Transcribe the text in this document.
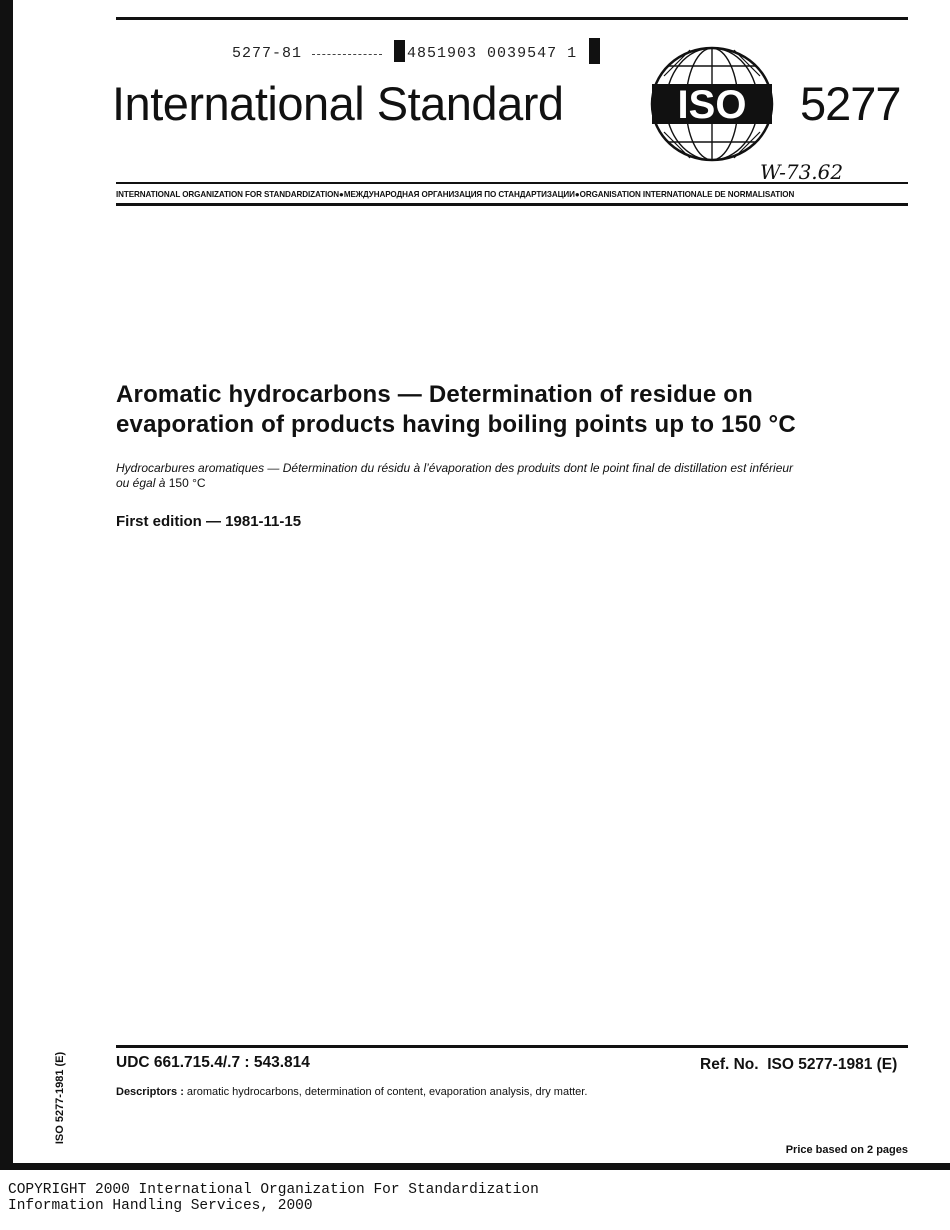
5277-81	4851903 0039547 1
International Standard	ISO 5277
W-73.62
INTERNATIONAL ORGANIZATION FOR STANDARDIZATION●МЕЖДУНАРОДНАЯ ОРГАНИЗАЦИЯ ПО СТАНДАРТИЗАЦИИ●ORGANISATION INTERNATIONALE DE NORMALISATION
Aromatic hydrocarbons — Determination of residue on
evaporation of products having boiling points up to 150 °C
Hydrocarbures aromatiques — Détermination du résidu à l’évaporation des produits dont le point final de distillation est inférieur
ou égal à 150 °C
First edition — 1981-11-15
UDC 661.715.4/.7 : 543.814	Ref. No. ISO 5277-1981 (E)
Descriptors : aromatic hydrocarbons, determination of content, evaporation analysis, dry matter.
Price based on 2 pages
ISO 5277-1981 (E)
COPYRIGHT 2000 International Organization For Standardization
Information Handling Services, 2000
